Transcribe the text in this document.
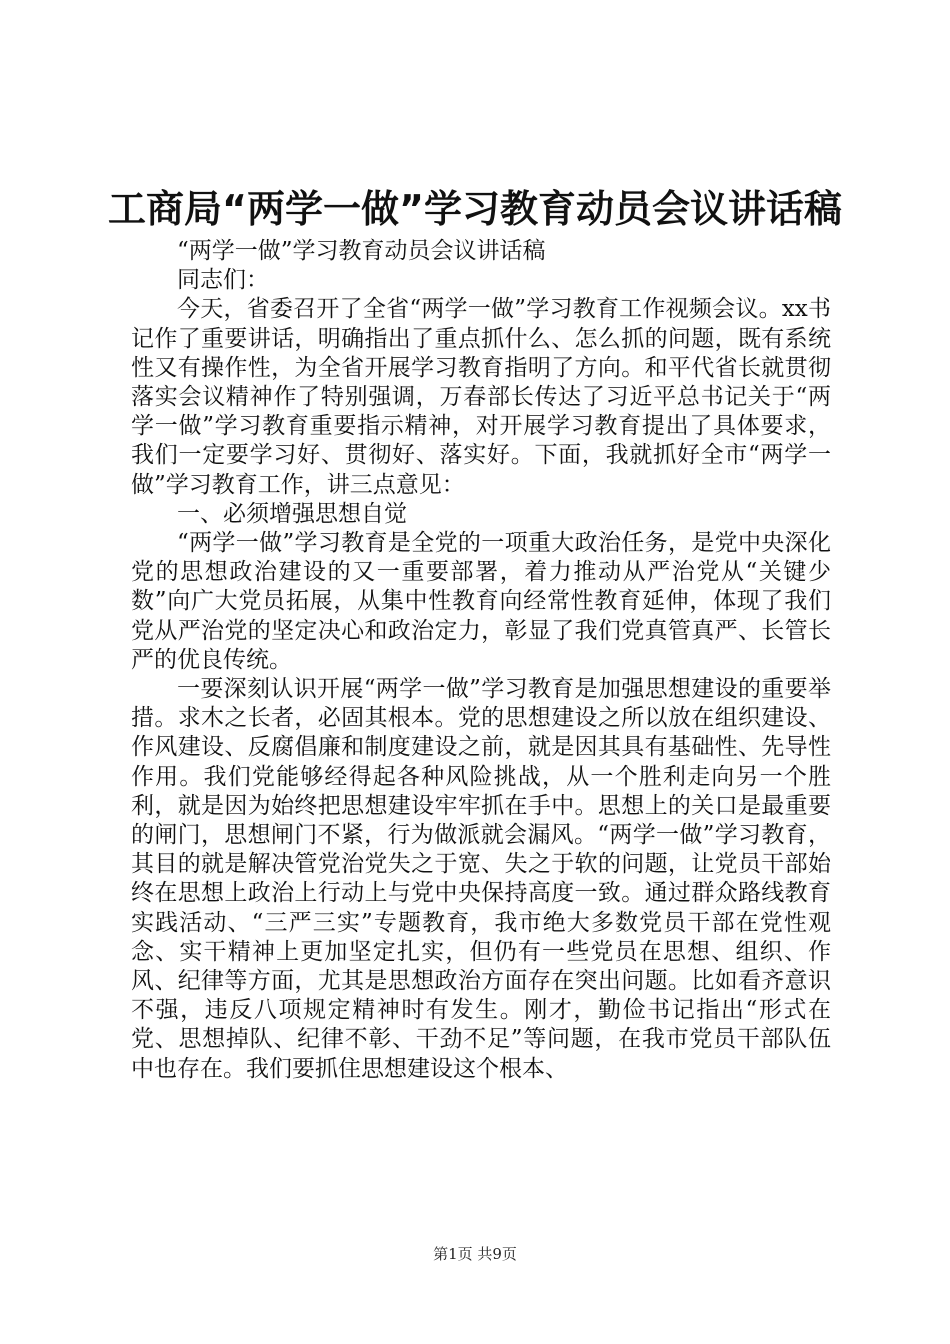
工商局“两学一做”学习教育动员会议讲话稿

“两学一做”学习教育动员会议讲话稿

同志们：

今天，省委召开了全省“两学一做”学习教育工作视频会议。xx书记作了重要讲话，明确指出了重点抓什么、怎么抓的问题，既有系统性又有操作性，为全省开展学习教育指明了方向。和平代省长就贯彻落实会议精神作了特别强调，万春部长传达了习近平总书记关于“两学一做”学习教育重要指示精神，对开展学习教育提出了具体要求，我们一定要学习好、贯彻好、落实好。下面，我就抓好全市“两学一做”学习教育工作，讲三点意见：

一、必须增强思想自觉

“两学一做”学习教育是全党的一项重大政治任务，是党中央深化党的思想政治建设的又一重要部署，着力推动从严治党从“关键少数”向广大党员拓展，从集中性教育向经常性教育延伸，体现了我们党从严治党的坚定决心和政治定力，彰显了我们党真管真严、长管长严的优良传统。

一要深刻认识开展“两学一做”学习教育是加强思想建设的重要举措。求木之长者，必固其根本。党的思想建设之所以放在组织建设、作风建设、反腐倡廉和制度建设之前，就是因其具有基础性、先导性作用。我们党能够经得起各种风险挑战，从一个胜利走向另一个胜利，就是因为始终把思想建设牢牢抓在手中。思想上的关口是最重要的闸门，思想闸门不紧，行为做派就会漏风。“两学一做”学习教育，其目的就是解决管党治党失之于宽、失之于软的问题，让党员干部始终在思想上政治上行动上与党中央保持高度一致。通过群众路线教育实践活动、“三严三实”专题教育，我市绝大多数党员干部在党性观念、实干精神上更加坚定扎实，但仍有一些党员在思想、组织、作风、纪律等方面，尤其是思想政治方面存在突出问题。比如看齐意识不强，违反八项规定精神时有发生。刚才，勤俭书记指出“形式在党、思想掉队、纪律不彰、干劲不足”等问题，在我市党员干部队伍中也存在。我们要抓住思想建设这个根本、

第1页 共9页
